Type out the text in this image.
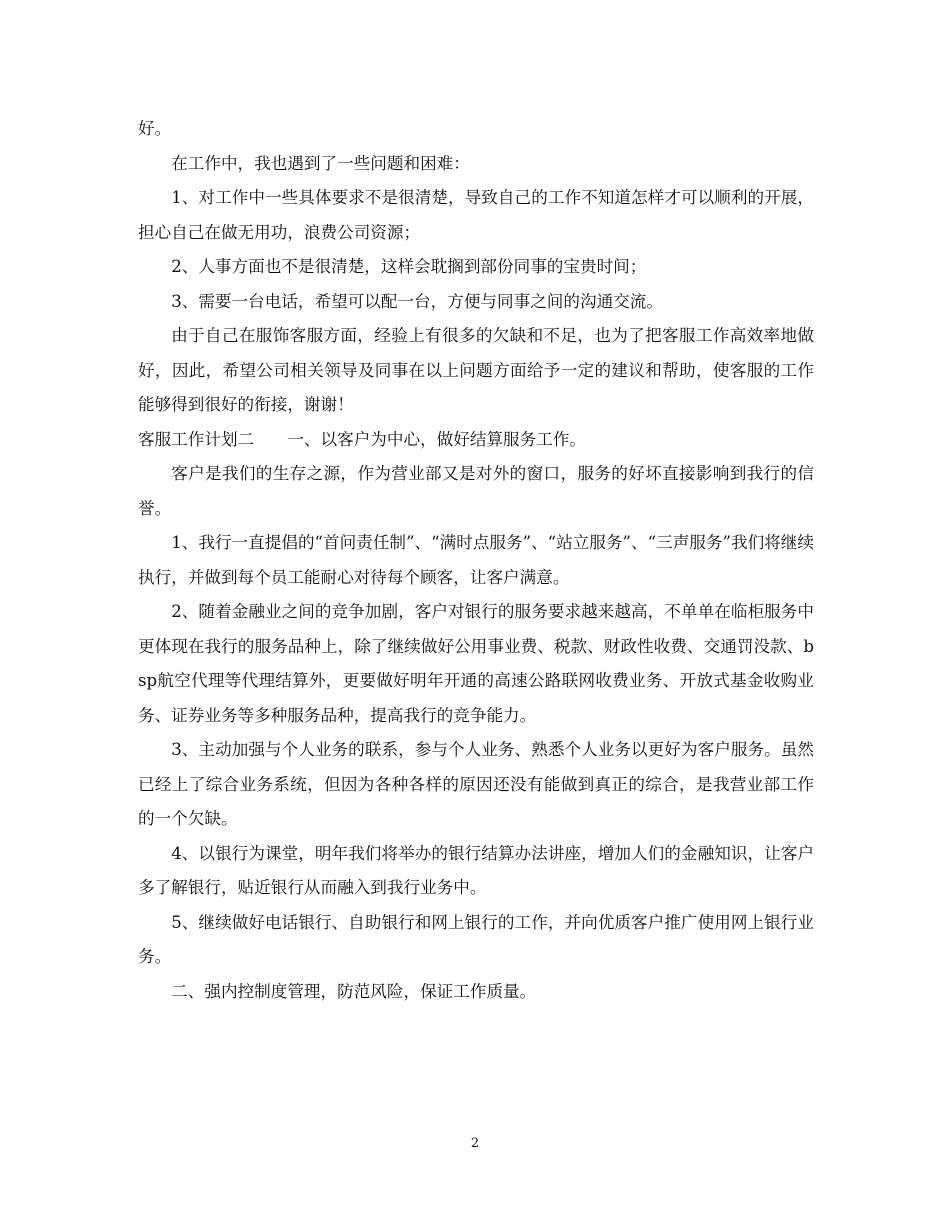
好。

在工作中，我也遇到了一些问题和困难：

1、对工作中一些具体要求不是很清楚，导致自己的工作不知道怎样才可以顺利的开展，担心自己在做无用功，浪费公司资源；

2、人事方面也不是很清楚，这样会耽搁到部份同事的宝贵时间；

3、需要一台电话，希望可以配一台，方便与同事之间的沟通交流。

由于自己在服饰客服方面，经验上有很多的欠缺和不足，也为了把客服工作高效率地做好，因此，希望公司相关领导及同事在以上问题方面给予一定的建议和帮助，使客服的工作能够得到很好的衔接，谢谢！

客服工作计划二　　一、以客户为中心，做好结算服务工作。

客户是我们的生存之源，作为营业部又是对外的窗口，服务的好坏直接影响到我行的信誉。

1、我行一直提倡的“首问责任制”、“满时点服务”、“站立服务”、“三声服务”我们将继续执行，并做到每个员工能耐心对待每个顾客，让客户满意。

2、随着金融业之间的竞争加剧，客户对银行的服务要求越来越高，不单单在临柜服务中更体现在我行的服务品种上，除了继续做好公用事业费、税款、财政性收费、交通罚没款、bsp航空代理等代理结算外，更要做好明年开通的高速公路联网收费业务、开放式基金收购业务、证券业务等多种服务品种，提高我行的竞争能力。

3、主动加强与个人业务的联系，参与个人业务、熟悉个人业务以更好为客户服务。虽然已经上了综合业务系统，但因为各种各样的原因还没有能做到真正的综合，是我营业部工作的一个欠缺。

4、以银行为课堂，明年我们将举办的银行结算办法讲座，增加人们的金融知识，让客户多了解银行，贴近银行从而融入到我行业务中。

5、继续做好电话银行、自助银行和网上银行的工作，并向优质客户推广使用网上银行业务。

二、强内控制度管理，防范风险，保证工作质量。

2
